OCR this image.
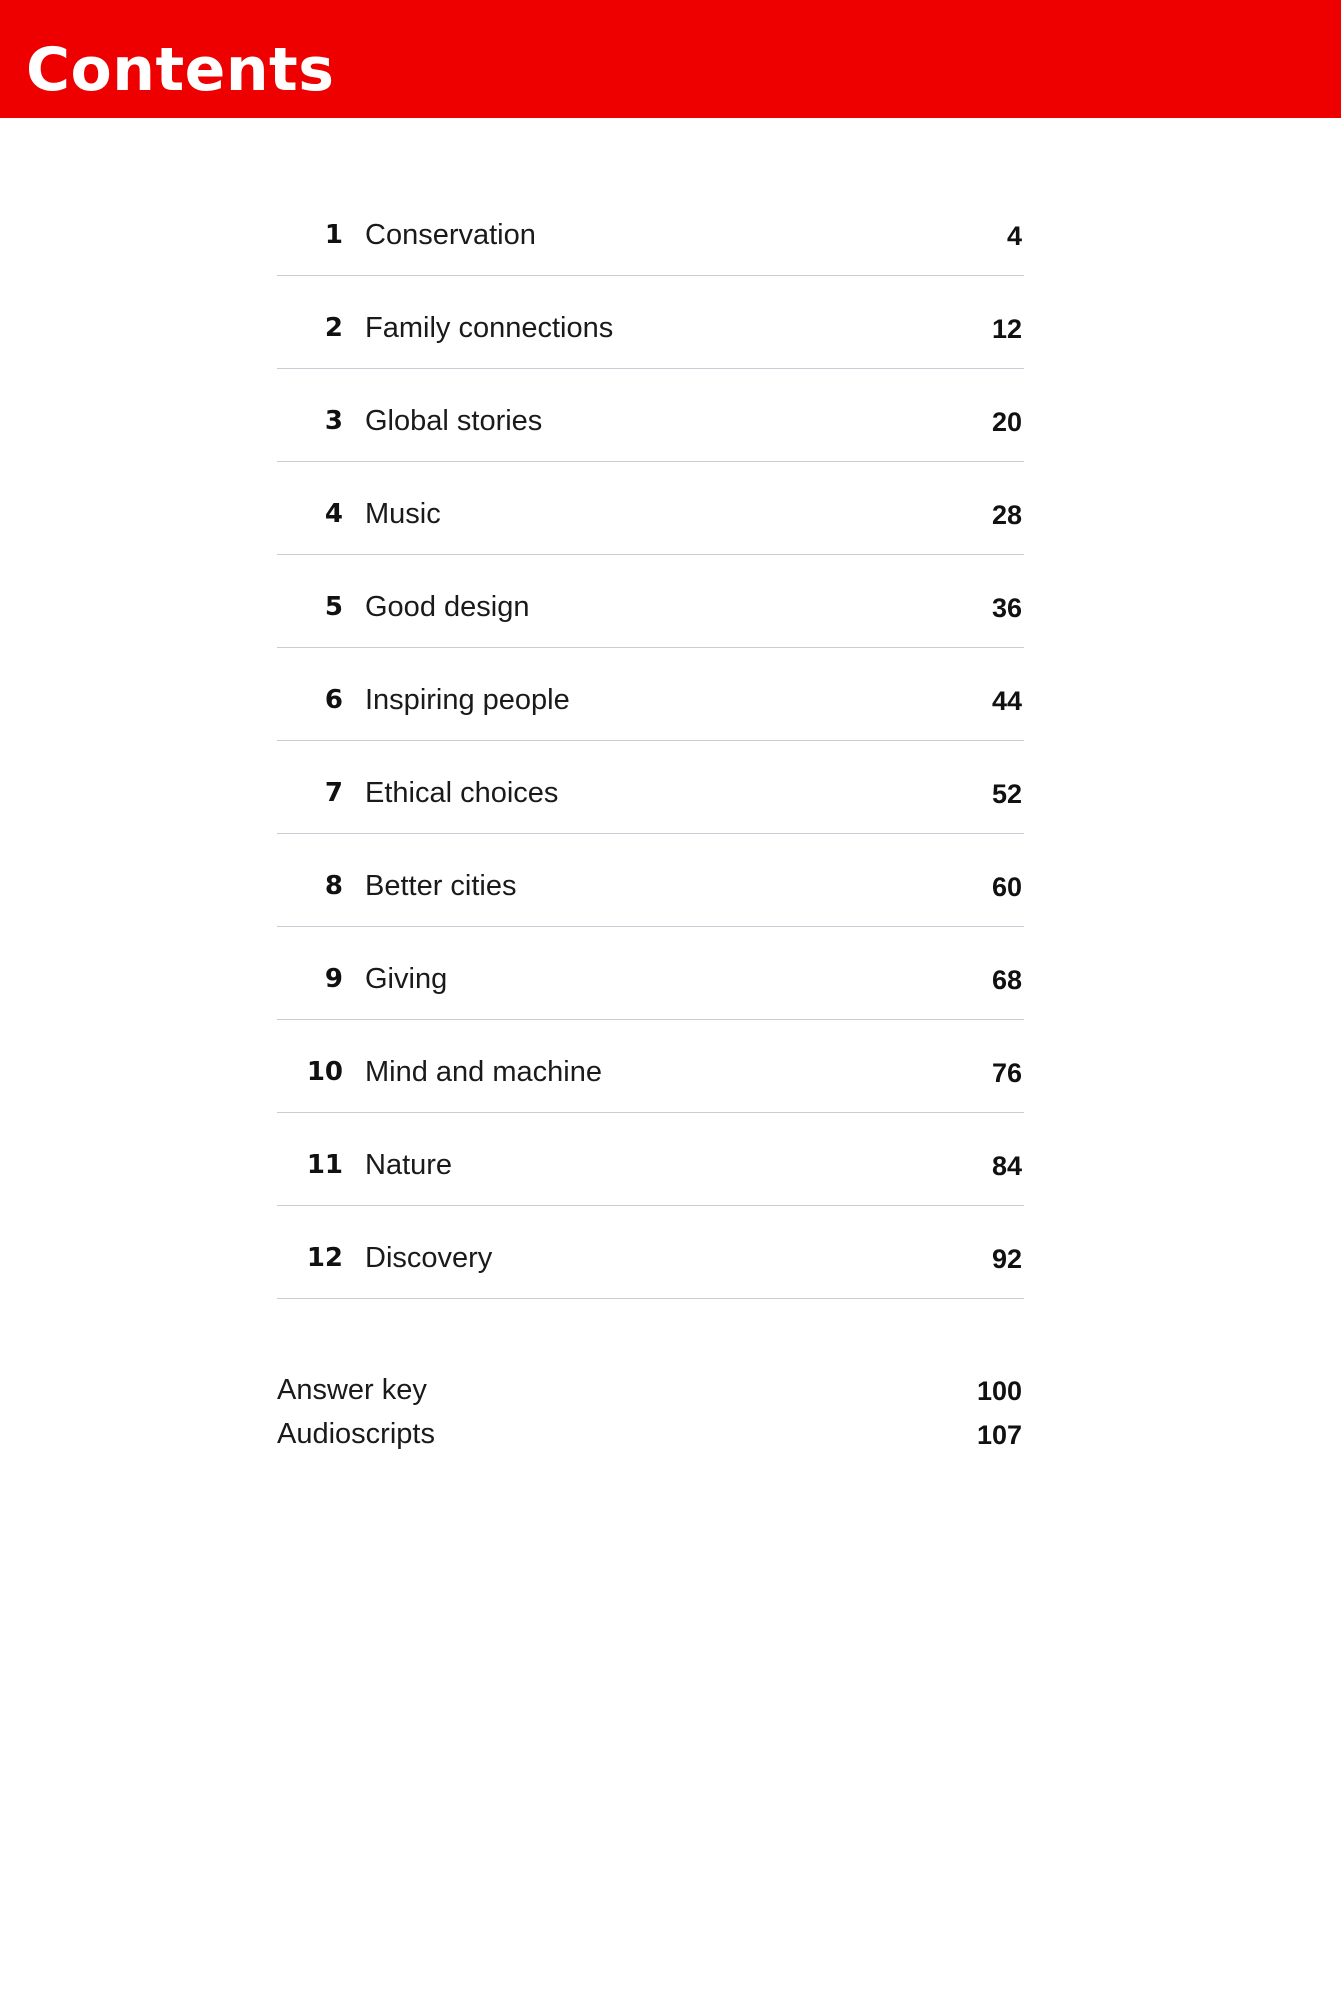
Contents
1 Conservation	4
2 Family connections	12
3 Global stories	20
4 Music	28
5 Good design	36
6 Inspiring people	44
7 Ethical choices	52
8 Better cities	60
9 Giving	68
10 Mind and machine	76
11 Nature	84
12 Discovery	92
Answer key	100
Audioscripts	107
